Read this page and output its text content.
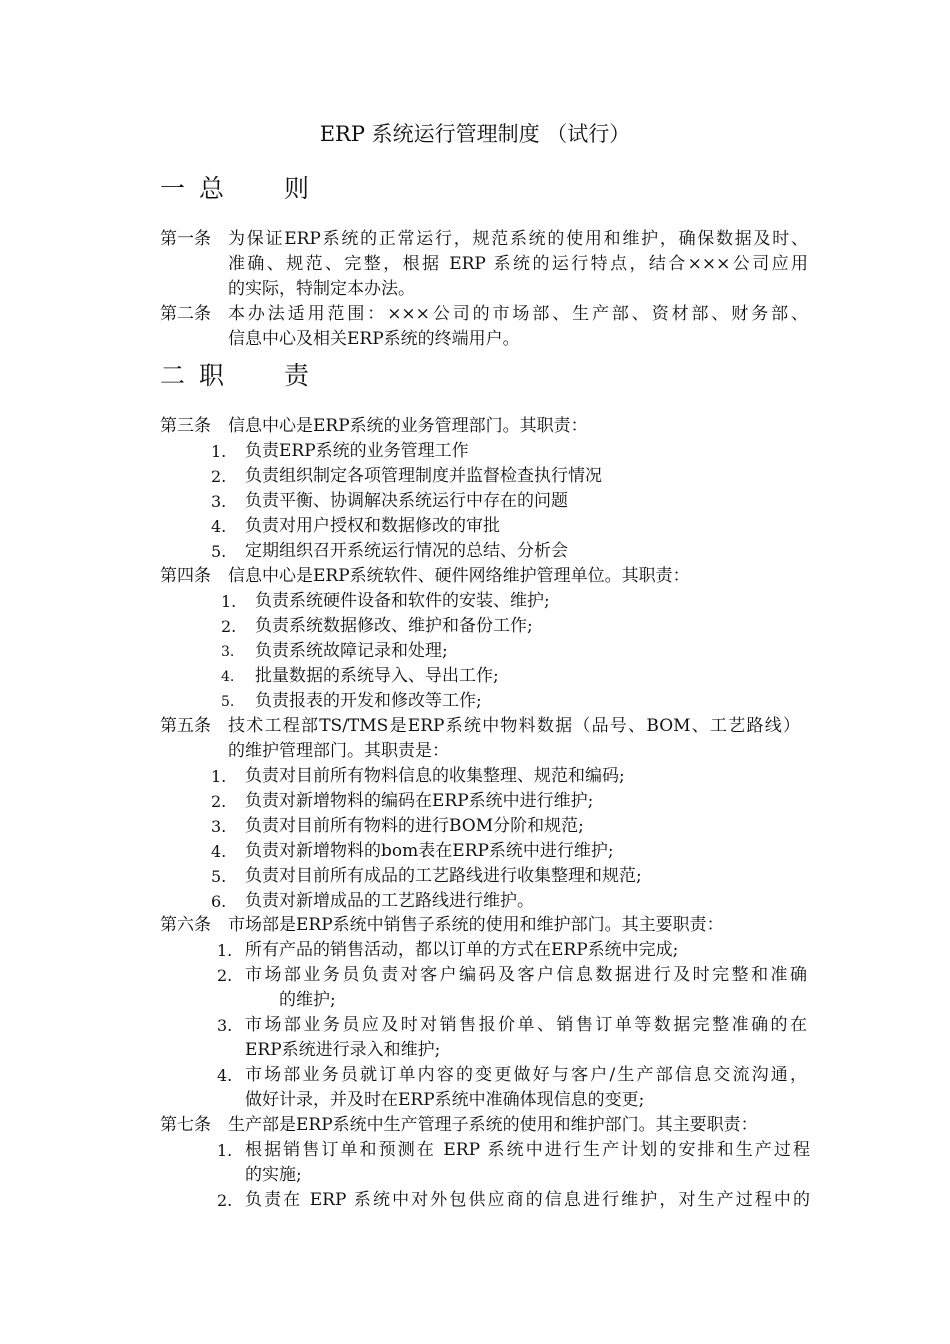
ERP 系统运行管理制度 （试行）
一 总 则
第一条 为保证ERP系统的正常运行，规范系统的使用和维护，确保数据及时、
准确、规范、完整，根据 ERP 系统的运行特点，结合×××公司应用
的实际，特制定本办法。
第二条 本办法适用范围：×××公司的市场部、生产部、资材部、财务部、
信息中心及相关ERP系统的终端用户。
二 职 责
第三条 信息中心是ERP系统的业务管理部门。其职责：
1. 负责ERP系统的业务管理工作
2. 负责组织制定各项管理制度并监督检查执行情况
3. 负责平衡、协调解决系统运行中存在的问题
4. 负责对用户授权和数据修改的审批
5. 定期组织召开系统运行情况的总结、分析会
第四条 信息中心是ERP系统软件、硬件网络维护管理单位。其职责：
1. 负责系统硬件设备和软件的安装、维护;
2. 负责系统数据修改、维护和备份工作;
3. 负责系统故障记录和处理;
4. 批量数据的系统导入、导出工作;
5. 负责报表的开发和修改等工作;
第五条 技术工程部TS/TMS是ERP系统中物料数据（品号、BOM、工艺路线）
的维护管理部门。其职责是：
1. 负责对目前所有物料信息的收集整理、规范和编码;
2. 负责对新增物料的编码在ERP系统中进行维护;
3. 负责对目前所有物料的进行BOM分阶和规范;
4. 负责对新增物料的bom表在ERP系统中进行维护;
5. 负责对目前所有成品的工艺路线进行收集整理和规范;
6. 负责对新增成品的工艺路线进行维护。
第六条 市场部是ERP系统中销售子系统的使用和维护部门。其主要职责：
1. 所有产品的销售活动，都以订单的方式在ERP系统中完成;
2. 市场部业务员负责对客户编码及客户信息数据进行及时完整和准确
的维护;
3. 市场部业务员应及时对销售报价单、销售订单等数据完整准确的在
ERP系统进行录入和维护;
4. 市场部业务员就订单内容的变更做好与客户/生产部信息交流沟通，
做好计录，并及时在ERP系统中准确体现信息的变更;
第七条 生产部是ERP系统中生产管理子系统的使用和维护部门。其主要职责：
1. 根据销售订单和预测在 ERP 系统中进行生产计划的安排和生产过程
的实施;
2. 负责在 ERP 系统中对外包供应商的信息进行维护，对生产过程中的
